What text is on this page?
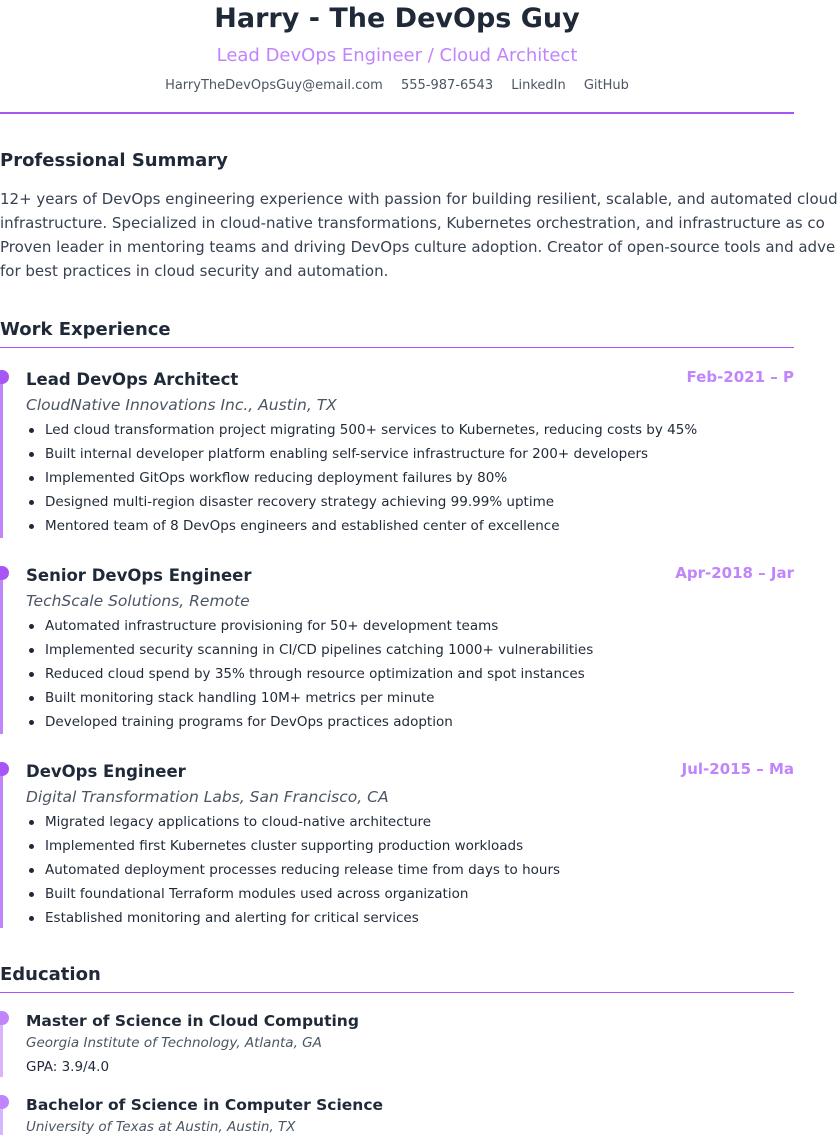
Harry - The DevOps Guy
Lead DevOps Engineer / Cloud Architect
HarryTheDevOpsGuy@email.com 555-987-6543 LinkedIn GitHub
Professional Summary
12+ years of DevOps engineering experience with passion for building resilient, scalable, and automated cloud
infrastructure. Specialized in cloud-native transformations, Kubernetes orchestration, and infrastructure as co
Proven leader in mentoring teams and driving DevOps culture adoption. Creator of open-source tools and adve
for best practices in cloud security and automation.
Work Experience
Lead DevOps Architect	Feb-2021 – P
CloudNative Innovations Inc., Austin, TX
Led cloud transformation project migrating 500+ services to Kubernetes, reducing costs by 45%
Built internal developer platform enabling self-service infrastructure for 200+ developers
Implemented GitOps workflow reducing deployment failures by 80%
Designed multi-region disaster recovery strategy achieving 99.99% uptime
Mentored team of 8 DevOps engineers and established center of excellence
Senior DevOps Engineer	Apr-2018 – Jar
TechScale Solutions, Remote
Automated infrastructure provisioning for 50+ development teams
Implemented security scanning in CI/CD pipelines catching 1000+ vulnerabilities
Reduced cloud spend by 35% through resource optimization and spot instances
Built monitoring stack handling 10M+ metrics per minute
Developed training programs for DevOps practices adoption
DevOps Engineer	Jul-2015 – Ma
Digital Transformation Labs, San Francisco, CA
Migrated legacy applications to cloud-native architecture
Implemented first Kubernetes cluster supporting production workloads
Automated deployment processes reducing release time from days to hours
Built foundational Terraform modules used across organization
Established monitoring and alerting for critical services
Education
Master of Science in Cloud Computing
Georgia Institute of Technology, Atlanta, GA
GPA: 3.9/4.0
Bachelor of Science in Computer Science
University of Texas at Austin, Austin, TX
